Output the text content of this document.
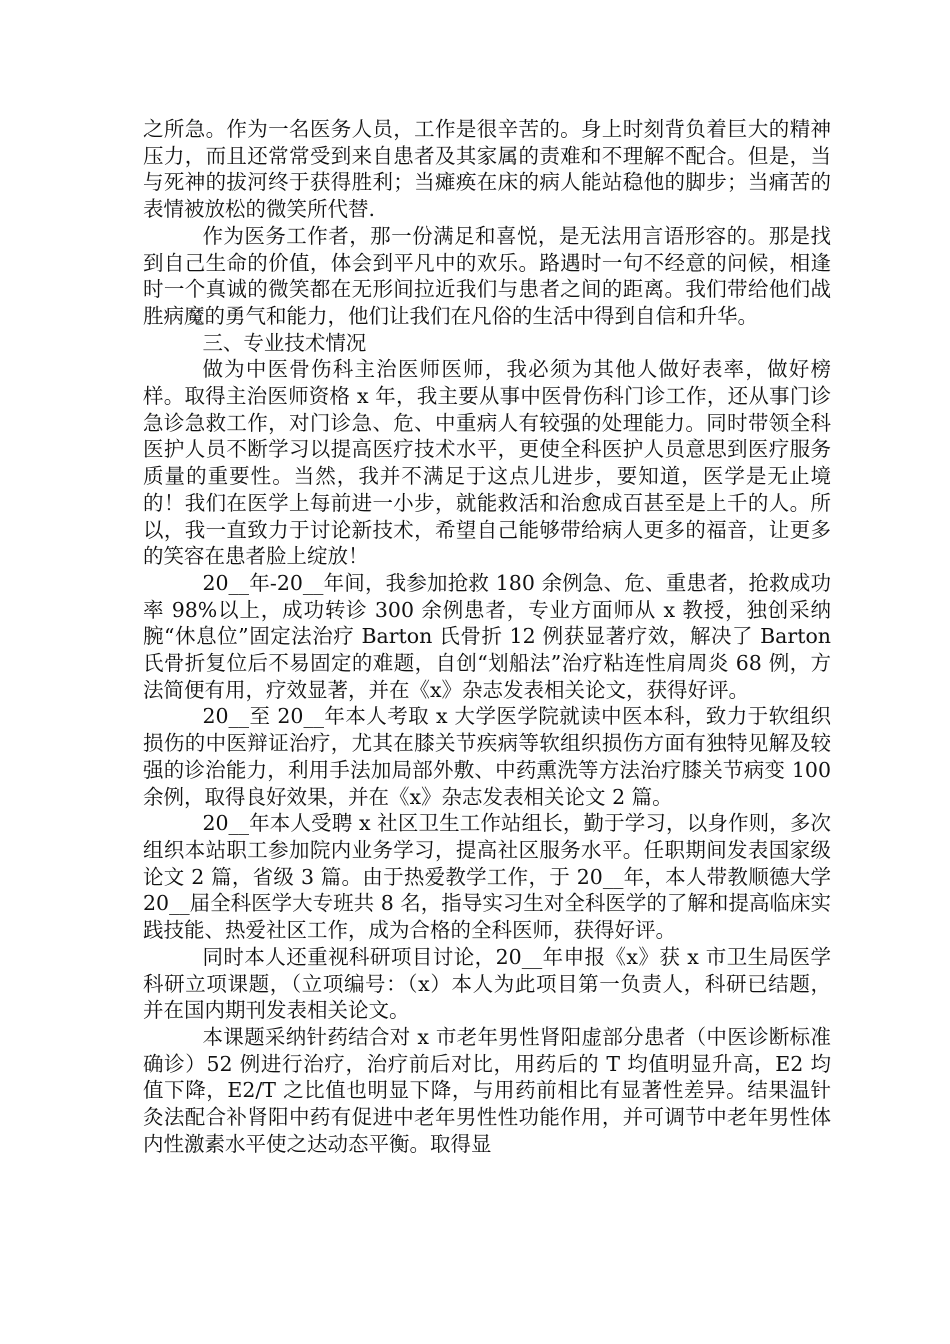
之所急。作为一名医务人员，工作是很辛苦的。身上时刻背负着巨大的精神压力，而且还常常受到来自患者及其家属的责难和不理解不配合。但是，当与死神的拔河终于获得胜利；当瘫痪在床的病人能站稳他的脚步；当痛苦的表情被放松的微笑所代替.

作为医务工作者，那一份满足和喜悦，是无法用言语形容的。那是找到自己生命的价值，体会到平凡中的欢乐。路遇时一句不经意的问候，相逢时一个真诚的微笑都在无形间拉近我们与患者之间的距离。我们带给他们战胜病魔的勇气和能力，他们让我们在凡俗的生活中得到自信和升华。

三、专业技术情况

做为中医骨伤科主治医师医师，我必须为其他人做好表率，做好榜样。取得主治医师资格 x 年，我主要从事中医骨伤科门诊工作，还从事门诊急诊急救工作，对门诊急、危、中重病人有较强的处理能力。同时带领全科医护人员不断学习以提高医疗技术水平，更使全科医护人员意思到医疗服务质量的重要性。当然，我并不满足于这点儿进步，要知道，医学是无止境的！我们在医学上每前进一小步，就能救活和治愈成百甚至是上千的人。所以，我一直致力于讨论新技术，希望自己能够带给病人更多的福音，让更多的笑容在患者脸上绽放！

20__年-20__年间，我参加抢救 180 余例急、危、重患者，抢救成功率 98%以上，成功转诊 300 余例患者，专业方面师从 x 教授，独创采纳腕“休息位”固定法治疗 Barton 氏骨折 12 例获显著疗效，解决了 Barton 氏骨折复位后不易固定的难题，自创“划船法”治疗粘连性肩周炎 68 例，方法简便有用，疗效显著，并在《x》杂志发表相关论文，获得好评。

20__至 20__年本人考取 x 大学医学院就读中医本科，致力于软组织损伤的中医辩证治疗，尤其在膝关节疾病等软组织损伤方面有独特见解及较强的诊治能力，利用手法加局部外敷、中药熏洗等方法治疗膝关节病变 100 余例，取得良好效果，并在《x》杂志发表相关论文 2 篇。

20__年本人受聘 x 社区卫生工作站组长，勤于学习，以身作则，多次组织本站职工参加院内业务学习，提高社区服务水平。任职期间发表国家级论文 2 篇，省级 3 篇。由于热爱教学工作，于 20__年，本人带教顺德大学 20__届全科医学大专班共 8 名，指导实习生对全科医学的了解和提高临床实践技能、热爱社区工作，成为合格的全科医师，获得好评。

同时本人还重视科研项目讨论，20__年申报《x》获 x 市卫生局医学科研立项课题，（立项编号：（x）本人为此项目第一负责人，科研已结题，并在国内期刊发表相关论文。

本课题采纳针药结合对 x 市老年男性肾阳虚部分患者（中医诊断标准确诊）52 例进行治疗，治疗前后对比，用药后的 T 均值明显升高，E2 均值下降，E2/T 之比值也明显下降，与用药前相比有显著性差异。结果温针灸法配合补肾阳中药有促进中老年男性性功能作用，并可调节中老年男性体内性激素水平使之达动态平衡。取得显
